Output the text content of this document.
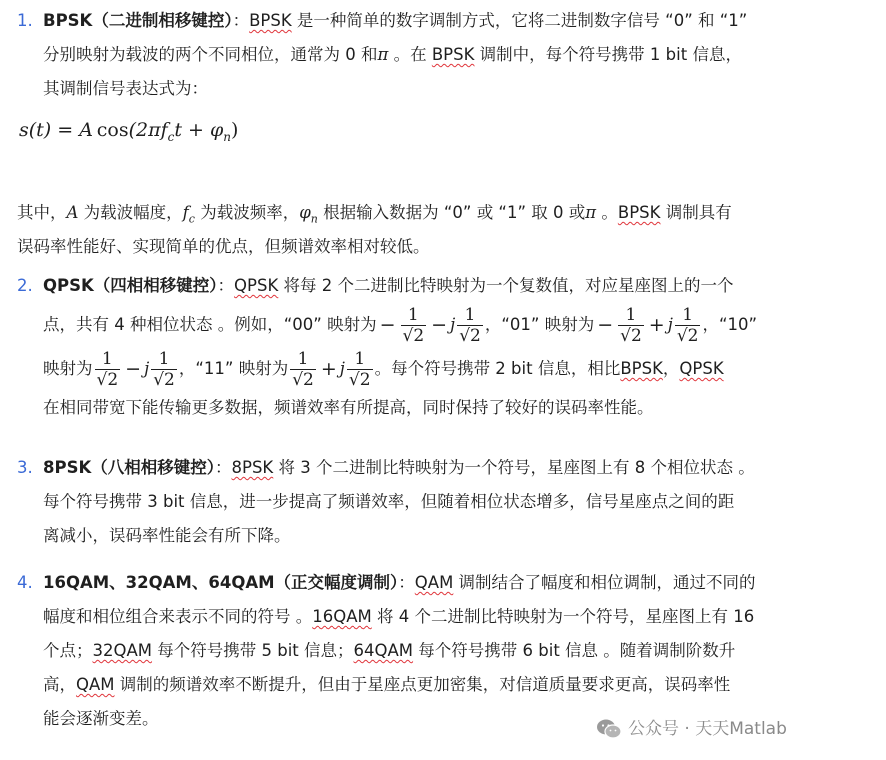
1. BPSK（二进制相移键控）：BPSK 是一种简单的数字调制方式，它将二进制数字信号 “0” 和 “1”
分别映射为载波的两个不同相位，通常为 0 和π 。在 BPSK 调制中，每个符号携带 1 bit 信息，
其调制信号表达式为：
s(t) = A  $\cos(2\pi f_ct + \varphi_n)$
其中，A 为载波幅度，$f_c$ 为载波频率，$\varphi_n$ 根据输入数据为 “0” 或 “1” 取 0 或π 。BPSK 调制具有
误码率性能好、实现简单的优点，但频谱效率相对较低。
2. QPSK（四相相移键控）：QPSK 将每 2 个二进制比特映射为一个复数值，对应星座图上的一个
点，共有 4 种相位状态 。例如，“00” 映射为 − $\frac{1}{√2} - j \frac{1}{√2}$ ，“01” 映射为 − $\frac{1}{√2} + j \frac{1}{√2}$ ，“10”
映射为 $\frac{1}{√2} - j \frac{1}{√2}$ ，“11” 映射为 $\frac{1}{√2} + j \frac{1}{√2}$ 。每个符号携带 2 bit 信息，相比 BPSK ， QPSK
在相同带宽下能传输更多数据，频谱效率有所提高，同时保持了较好的误码率性能。
3. 8PSK（八相相移键控）：8PSK 将 3 个二进制比特映射为一个符号，星座图上有 8 个相位状态 。
每个符号携带 3 bit 信息，进一步提高了频谱效率，但随着相位状态增多，信号星座点之间的距
离减小，误码率性能会有所下降。
4. 16QAM、32QAM、64QAM（正交幅度调制）：QAM 调制结合了幅度和相位调制，通过不同的
幅度和相位组合来表示不同的符号 。16QAM 将 4 个二进制比特映射为一个符号，星座图上有 16
个点；32QAM 每个符号携带 5 bit 信息；64QAM 每个符号携带 6 bit 信息 。随着调制阶数升
高，QAM 调制的频谱效率不断提升，但由于星座点更加密集，对信道质量要求更高，误码率性
能会逐渐变差。
公众号 · 天天Matlab
